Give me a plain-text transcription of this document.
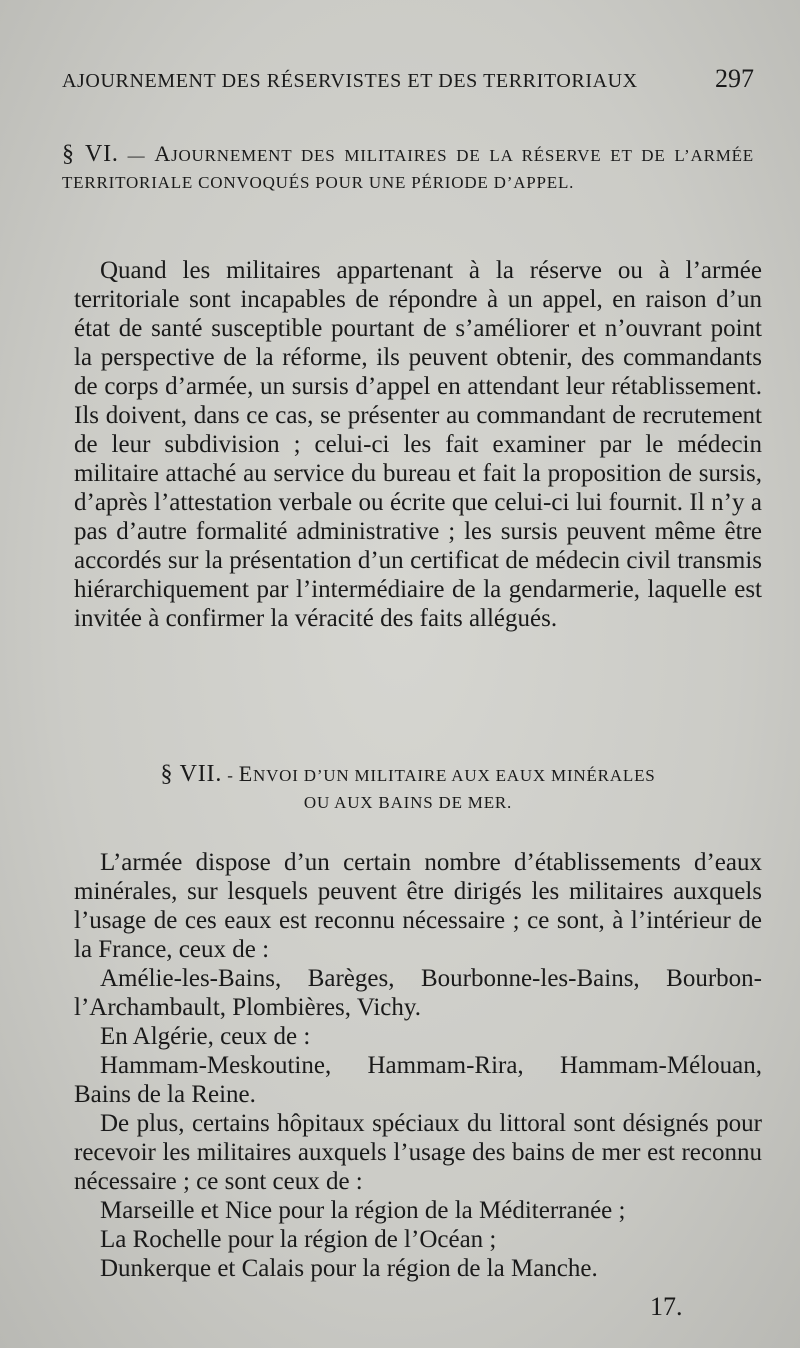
AJOURNEMENT DES RÉSERVISTES ET DES TERRITORIAUX	297
§ VI. — AJOURNEMENT DES MILITAIRES DE LA RÉSERVE ET DE L’ARMÉE TERRITORIALE CONVOQUÉS POUR UNE PÉRIODE D’APPEL.

Quand les militaires appartenant à la réserve ou à l’armée territoriale sont incapables de répondre à un appel, en raison d’un état de santé susceptible pourtant de s’améliorer et n’ouvrant point la perspective de la réforme, ils peuvent obtenir, des commandants de corps d’armée, un sursis d’appel en attendant leur rétablissement. Ils doivent, dans ce cas, se présenter au commandant de recrutement de leur subdivision ; celui-ci les fait examiner par le médecin militaire attaché au service du bureau et fait la proposition de sursis, d’après l’attestation verbale ou écrite que celui-ci lui fournit. Il n’y a pas d’autre formalité administrative ; les sursis peuvent même être accordés sur la présentation d’un certificat de médecin civil transmis hiérarchiquement par l’intermédiaire de la gendarmerie, laquelle est invitée à confirmer la véracité des faits allégués.

§ VII. - ENVOI D’UN MILITAIRE AUX EAUX MINÉRALES
OU AUX BAINS DE MER.

L’armée dispose d’un certain nombre d’établissements d’eaux minérales, sur lesquels peuvent être dirigés les militaires auxquels l’usage de ces eaux est reconnu nécessaire ; ce sont, à l’intérieur de la France, ceux de :

Amélie-les-Bains, Barèges, Bourbonne-les-Bains, Bourbon-l’Archambault, Plombières, Vichy.

En Algérie, ceux de :

Hammam-Meskoutine, Hammam-Rira, Hammam-Mélouan, Bains de la Reine.

De plus, certains hôpitaux spéciaux du littoral sont désignés pour recevoir les militaires auxquels l’usage des bains de mer est reconnu nécessaire ; ce sont ceux de :

Marseille et Nice pour la région de la Méditerranée ;

La Rochelle pour la région de l’Océan ;

Dunkerque et Calais pour la région de la Manche.

17.
